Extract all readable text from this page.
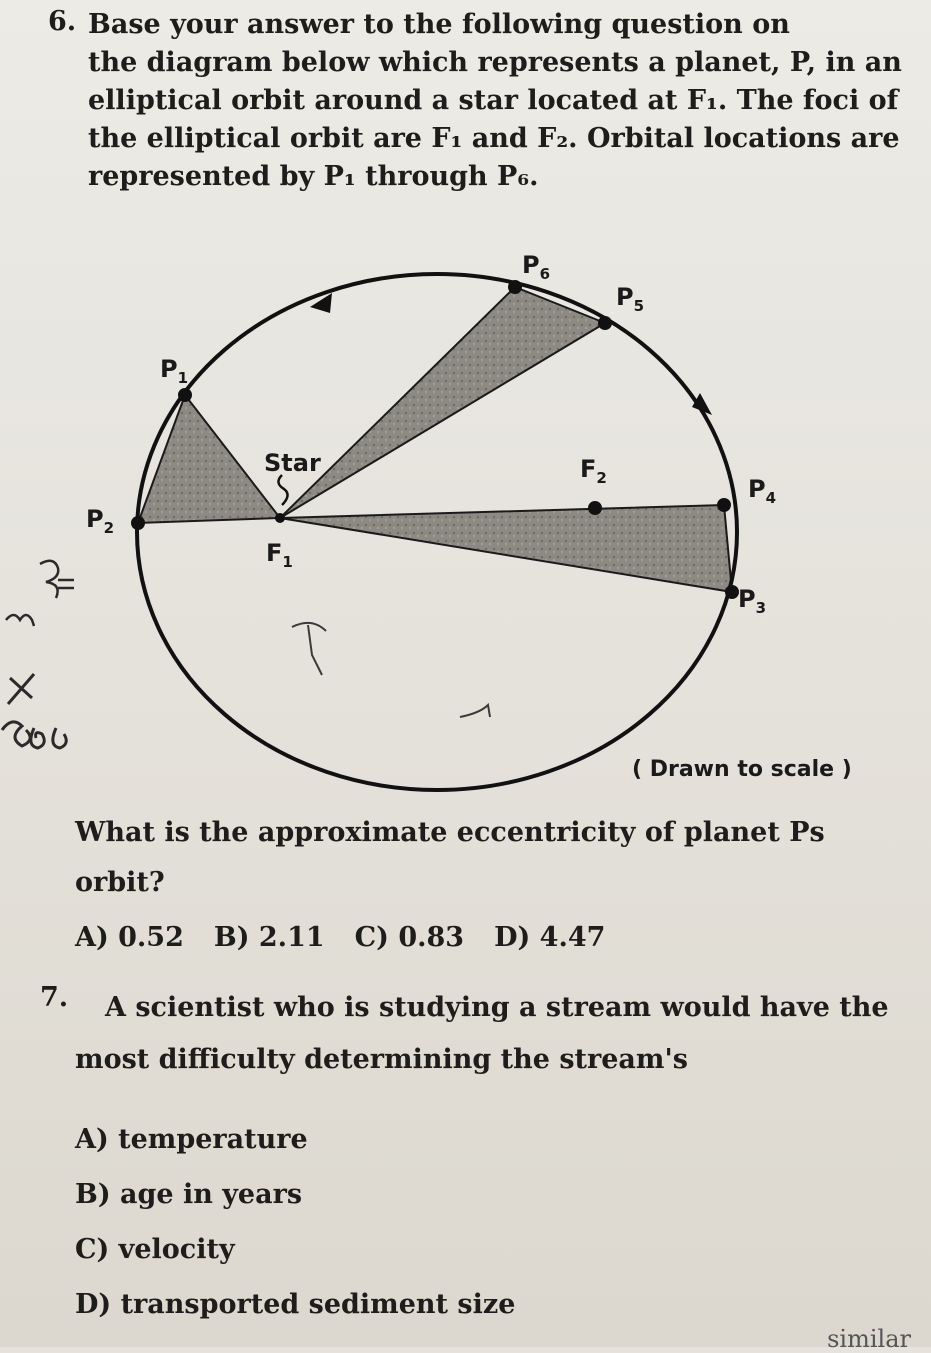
6. Base your answer to the following question on
the diagram below which represents a planet, P, in an
elliptical orbit around a star located at F₁. The foci of
the elliptical orbit are F₁ and F₂. Orbital locations are
represented by P₁ through P₆.

$P_6$
$P_5$
$P_1$
$P_2$
$P_4$
$P_3$
$F_1$
$F_2$
Star
( Drawn to scale )

What is the approximate eccentricity of planet Ps orbit?

A) 0.52 B) 2.11 C) 0.83 D) 4.47
7. A scientist who is studying a stream would have the
most difficulty determining the stream's

A) temperature
B) age in years
C) velocity
D) transported sediment size
similar
